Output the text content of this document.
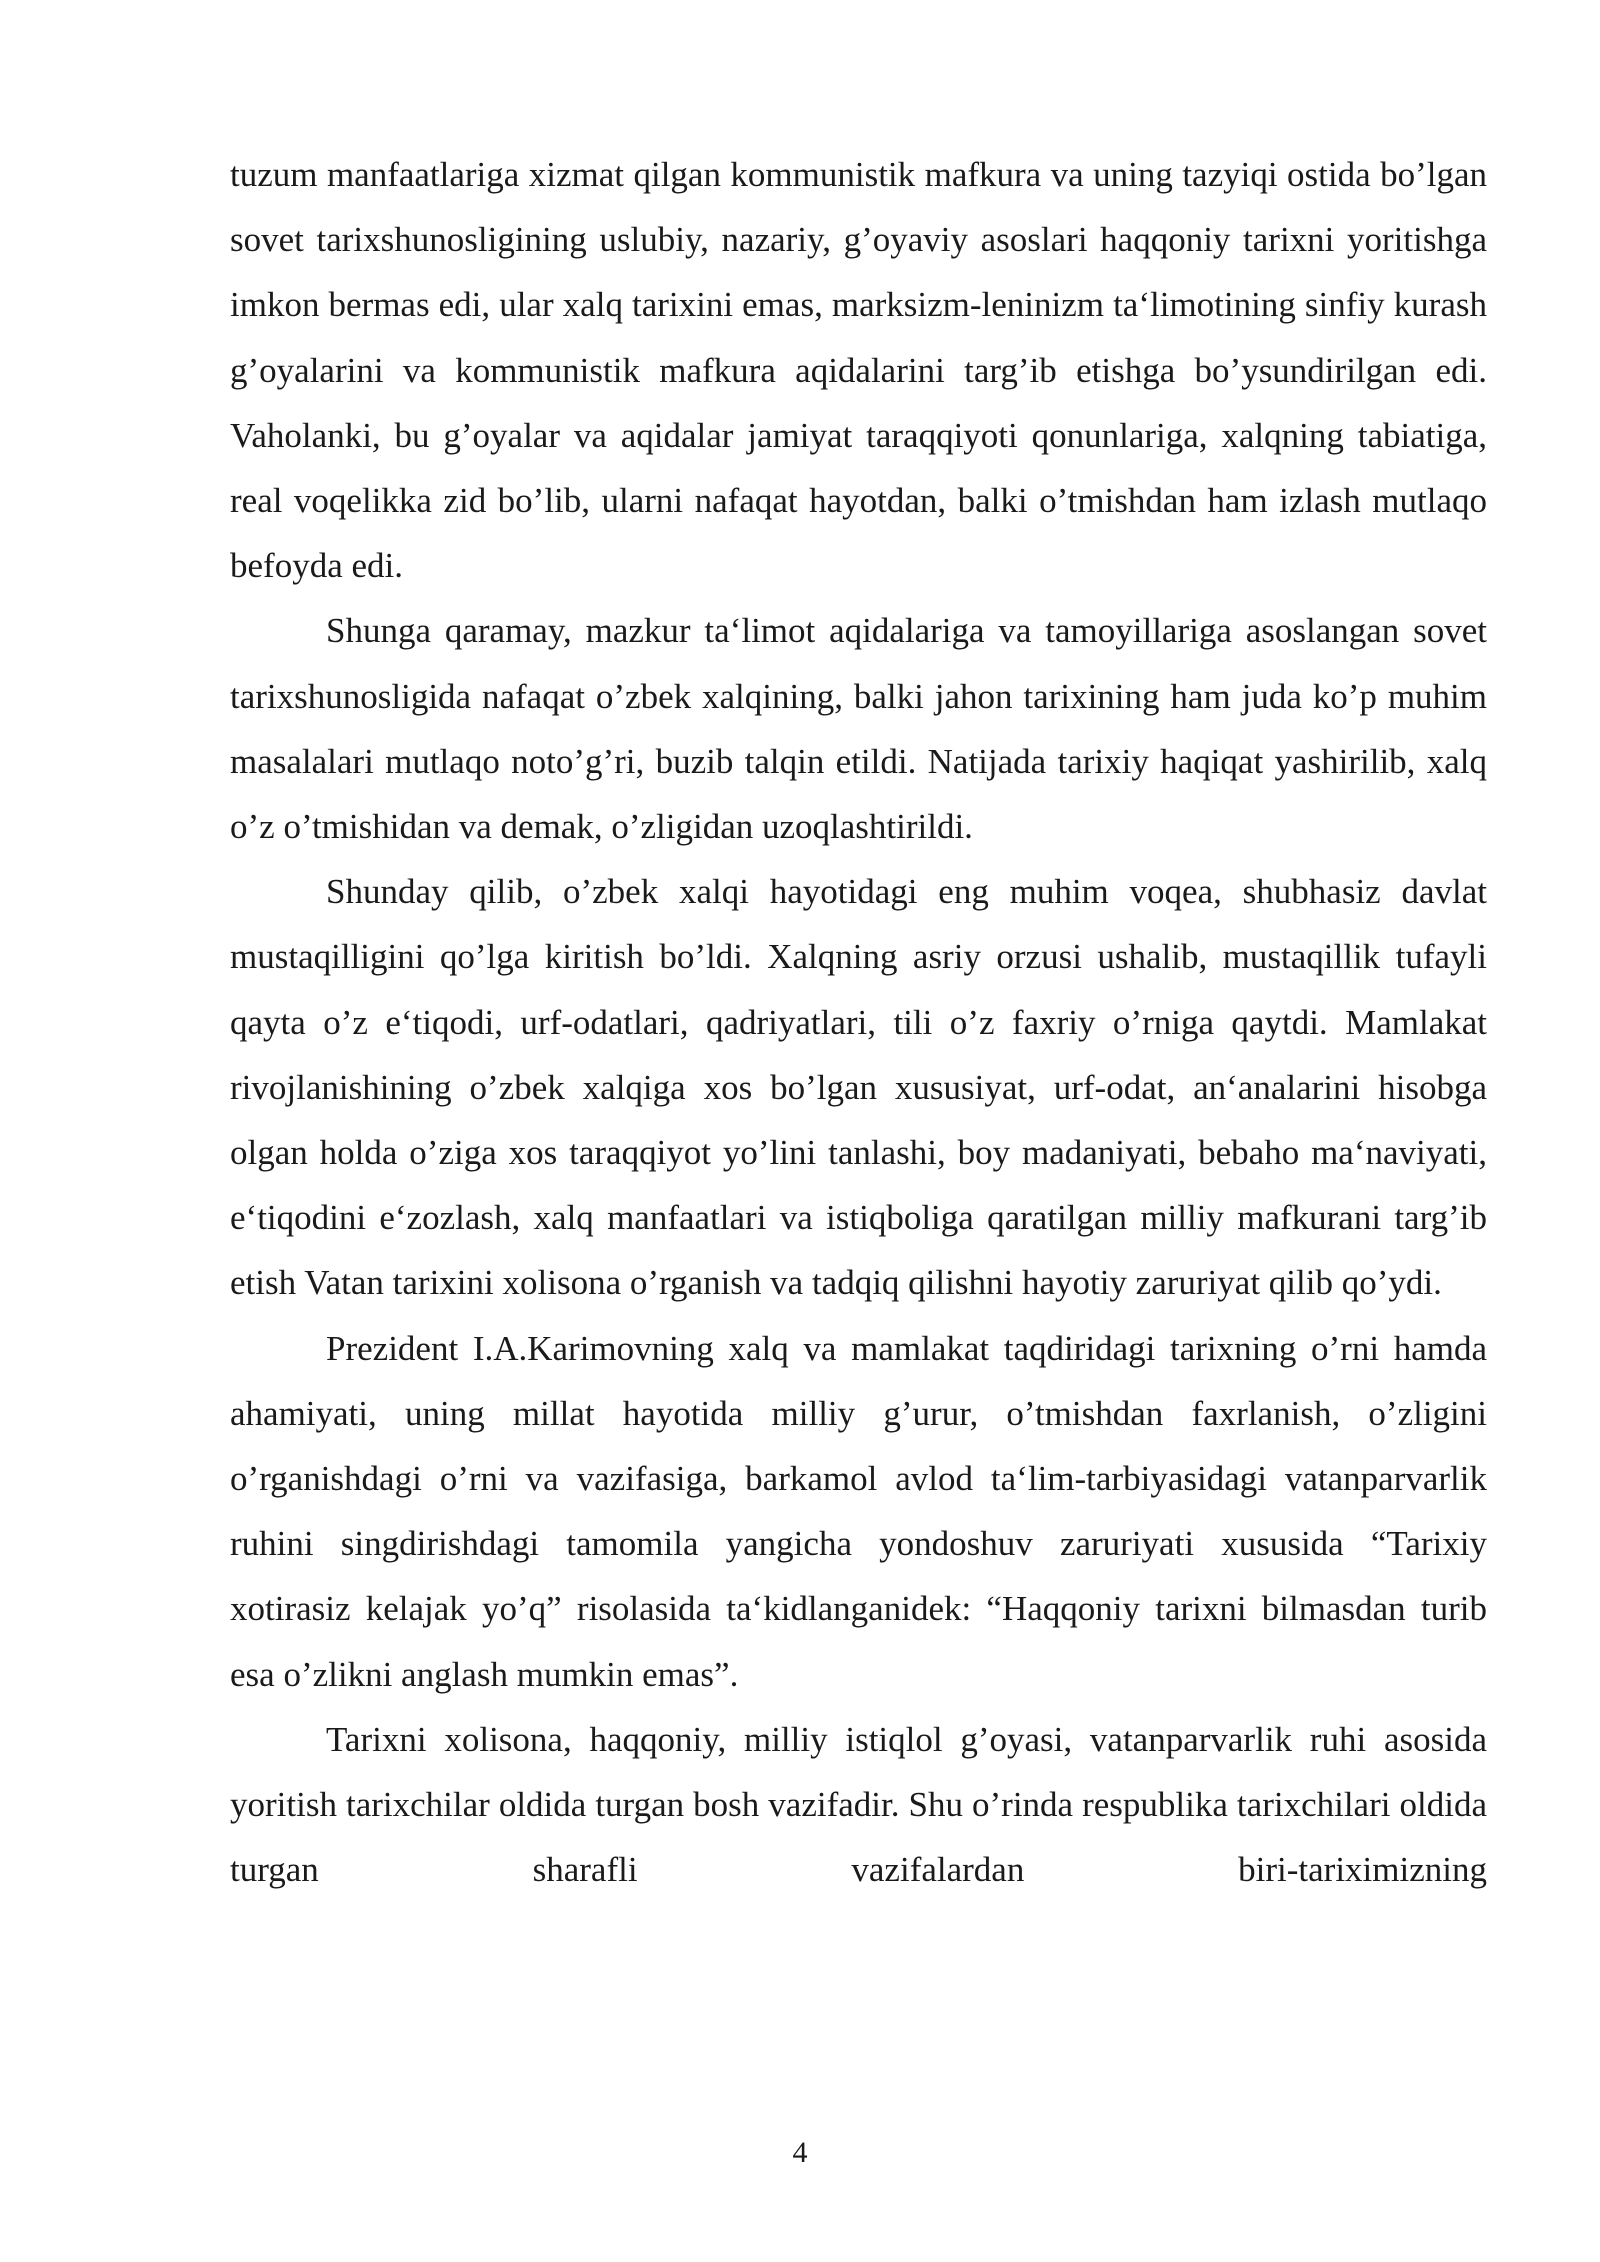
tuzum manfaatlariga xizmat qilgan kommunistik mafkura va uning tazyiqi ostida bo’lgan sovet tarixshunosligining uslubiy, nazariy, g’oyaviy asoslari haqqoniy tarixni yoritishga imkon bermas edi, ular xalq tarixini emas, marksizm-leninizm ta‘limotining sinfiy kurash g’oyalarini va kommunistik mafkura aqidalarini targ’ib etishga bo’ysundirilgan edi. Vaholanki, bu g’oyalar va aqidalar jamiyat taraqqiyoti qonunlariga, xalqning tabiatiga, real voqelikka zid bo’lib, ularni nafaqat hayotdan, balki o’tmishdan ham izlash mutlaqo befoyda edi.

Shunga qaramay, mazkur ta‘limot aqidalariga va tamoyillariga asoslangan sovet tarixshunosligida nafaqat o’zbek xalqining, balki jahon tarixining ham juda ko’p muhim masalalari mutlaqo noto’g’ri, buzib talqin etildi. Natijada tarixiy haqiqat yashirilib, xalq o’z o’tmishidan va demak, o’zligidan uzoqlashtirildi.

Shunday qilib, o’zbek xalqi hayotidagi eng muhim voqea, shubhasiz davlat mustaqilligini qo’lga kiritish bo’ldi. Xalqning asriy orzusi ushalib, mustaqillik tufayli qayta o’z e‘tiqodi, urf-odatlari, qadriyatlari, tili o’z faxriy o’rniga qaytdi. Mamlakat rivojlanishining o’zbek xalqiga xos bo’lgan xususiyat, urf-odat, an‘analarini hisobga olgan holda o’ziga xos taraqqiyot yo’lini tanlashi, boy madaniyati, bebaho ma‘naviyati, e‘tiqodini e‘zozlash, xalq manfaatlari va istiqboliga qaratilgan milliy mafkurani targ’ib etish Vatan tarixini xolisona o’rganish va tadqiq qilishni hayotiy zaruriyat qilib qo’ydi.

Prezident I.A.Karimovning xalq va mamlakat taqdiridagi tarixning o’rni hamda ahamiyati, uning millat hayotida milliy g’urur, o’tmishdan faxrlanish, o’zligini o’rganishdagi o’rni va vazifasiga, barkamol avlod ta‘lim-tarbiyasidagi vatanparvarlik ruhini singdirishdagi tamomila yangicha yondoshuv zaruriyati xususida “Tarixiy xotirasiz kelajak yo’q” risolasida ta‘kidlanganidek: “Haqqoniy tarixni bilmasdan turib esa o’zlikni anglash mumkin emas”.

Tarixni xolisona, haqqoniy, milliy istiqlol g’oyasi, vatanparvarlik ruhi asosida yoritish tarixchilar oldida turgan bosh vazifadir. Shu o’rinda respublika tarixchilari oldida turgan sharafli vazifalardan biri-tariximizning

4
